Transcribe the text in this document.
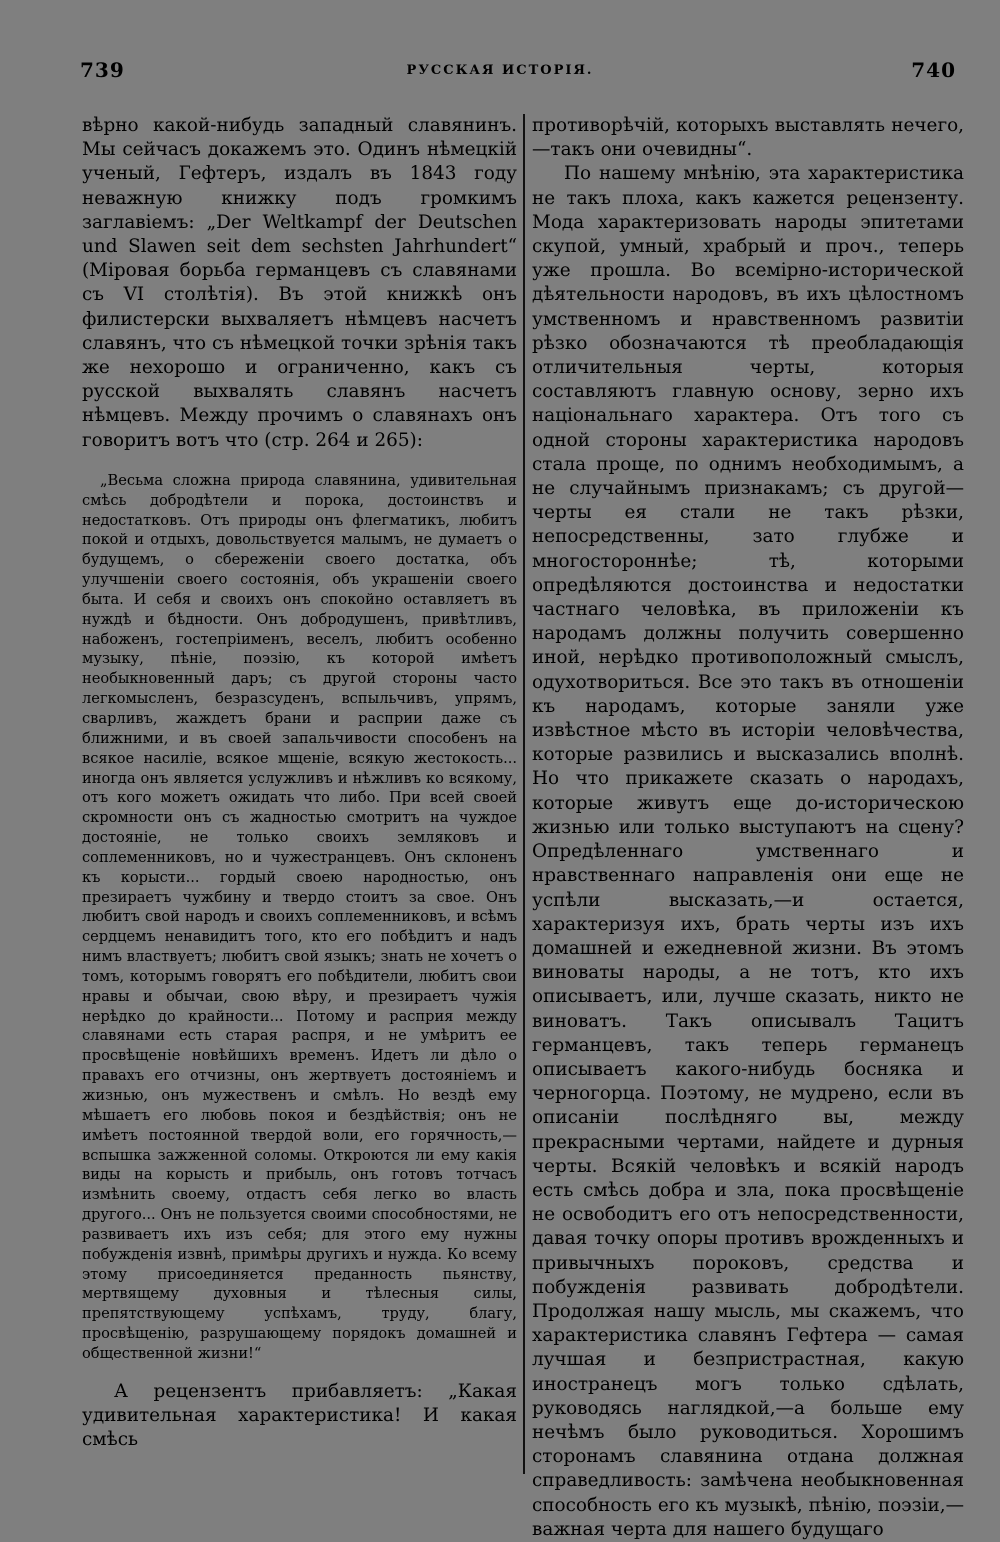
739	РУССКАЯ ИСТОРІЯ.	740

вѣрно какой-нибудь западный славянинъ. Мы сейчасъ докажемъ это. Одинъ нѣмецкій ученый, Гефтеръ, издалъ въ 1843 году неважную книжку подъ громкимъ заглавіемъ: „Der Weltkampf der Deutschen und Slawen seit dem sechsten Jahrhundert“ (Міровая борьба германцевъ съ славянами съ VI столѣтія). Въ этой книжкѣ онъ филистерски выхваляетъ нѣмцевъ насчетъ славянъ, что съ нѣмецкой точки зрѣнія такъ же нехорошо и ограниченно, какъ съ русской выхвалять славянъ насчетъ нѣмцевъ. Между прочимъ о славянахъ онъ говоритъ вотъ что (стр. 264 и 265):

„Весьма сложна природа славянина, удивительная смѣсь добродѣтели и порока, достоинствъ и недостатковъ. Отъ природы онъ флегматикъ, любитъ покой и отдыхъ, довольствуется малымъ, не думаетъ о будущемъ, о сбереженіи своего достатка, объ улучшеніи своего состоянія, объ украшеніи своего быта. И себя и своихъ онъ спокойно оставляетъ въ нуждѣ и бѣдности. Онъ добродушенъ, привѣтливъ, набоженъ, гостепріименъ, веселъ, любитъ особенно музыку, пѣніе, поэзію, къ которой имѣетъ необыкновенный даръ; съ другой стороны часто легкомысленъ, безразсуденъ, вспыльчивъ, упрямъ, сварливъ, жаждетъ брани и расприи даже съ ближними, и въ своей запальчивости способенъ на всякое насиліе, всякое мщеніе, всякую жестокость... иногда онъ является услужливъ и нѣжливъ ко всякому, отъ кого можетъ ожидать что либо. При всей своей скромности онъ съ жадностью смотритъ на чуждое достояніе, не только своихъ земляковъ и соплеменниковъ, но и чужестранцевъ. Онъ склоненъ къ корысти... гордый своею народностью, онъ презираетъ чужбину и твердо стоитъ за свое. Онъ любитъ свой народъ и своихъ соплеменниковъ, и всѣмъ сердцемъ ненавидитъ того, кто его побѣдитъ и надъ нимъ властвуетъ; любитъ свой языкъ; знать не хочетъ о томъ, которымъ говорятъ его побѣдители, любитъ свои нравы и обычаи, свою вѣру, и презираетъ чужія нерѣдко до крайности... Потому и расприя между славянами есть старая распря, и не умѣритъ ее просвѣщеніе новѣйшихъ временъ. Идетъ ли дѣло о правахъ его отчизны, онъ жертвуетъ достояніемъ и жизнью, онъ мужественъ и смѣлъ. Но вездѣ ему мѣшаетъ его любовь покоя и бездѣйствія; онъ не имѣетъ постоянной твердой воли, его горячность,—вспышка зажженной соломы. Откроются ли ему какія виды на корысть и прибыль, онъ готовъ тотчасъ измѣнить своему, отдастъ себя легко во власть другого... Онъ не пользуется своими способностями, не развиваетъ ихъ изъ себя; для этого ему нужны побужденія извнѣ, примѣры другихъ и нужда. Ко всему этому присоединяется преданность пьянству, мертвящему духовныя и тѣлесныя силы, препятствующему успѣхамъ, труду, благу, просвѣщенію, разрушающему порядокъ домашней и общественной жизни!“

А рецензентъ прибавляетъ: „Какая удивительная характеристика! И какая смѣсь

противорѣчій, которыхъ выставлять нечего,—такъ они очевидны“.

По нашему мнѣнію, эта характеристика не такъ плоха, какъ кажется рецензенту. Мода характеризовать народы эпитетами скупой, умный, храбрый и проч., теперь уже прошла. Во всемірно-исторической дѣятельности народовъ, въ ихъ цѣлостномъ умственномъ и нравственномъ развитіи рѣзко обозначаются тѣ преобладающія отличительныя черты, которыя составляютъ главную основу, зерно ихъ національнаго характера. Отъ того съ одной стороны характеристика народовъ стала проще, по однимъ необходимымъ, а не случайнымъ признакамъ; съ другой—черты ея стали не такъ рѣзки, непосредственны, зато глубже и многостороннѣе; тѣ, которыми опредѣляются достоинства и недостатки частнаго человѣка, въ приложеніи къ народамъ должны получить совершенно иной, нерѣдко противоположный смыслъ, одухотвориться. Все это такъ въ отношеніи къ народамъ, которые заняли уже извѣстное мѣсто въ исторіи человѣчества, которые развились и высказались вполнѣ. Но что прикажете сказать о народахъ, которые живутъ еще до-историческою жизнью или только выступаютъ на сцену? Опредѣленнаго умственнаго и нравственнаго направленія они еще не успѣли высказать,—и остается, характеризуя ихъ, брать черты изъ ихъ домашней и ежедневной жизни. Въ этомъ виноваты народы, а не тотъ, кто ихъ описываетъ, или, лучше сказать, никто не виноватъ. Такъ описывалъ Тацитъ германцевъ, такъ теперь германецъ описываетъ какого-нибудь босняка и черногорца. Поэтому, не мудрено, если въ описаніи послѣдняго вы, между прекрасными чертами, найдете и дурныя черты. Всякій человѣкъ и всякій народъ есть смѣсь добра и зла, пока просвѣщеніе не освободитъ его отъ непосредственности, давая точку опоры противъ врожденныхъ и привычныхъ пороковъ, средства и побужденія развивать добродѣтели. Продолжая нашу мысль, мы скажемъ, что характеристика славянъ Гефтера — самая лучшая и безпристрастная, какую иностранецъ могъ только сдѣлать, руководясь наглядкой,—а больше ему нечѣмъ было руководиться. Хорошимъ сторонамъ славянина отдана должная справедливость: замѣчена необыкновенная способность его къ музыкѣ, пѣнію, поэзіи,—важная черта для нашего будущаго
